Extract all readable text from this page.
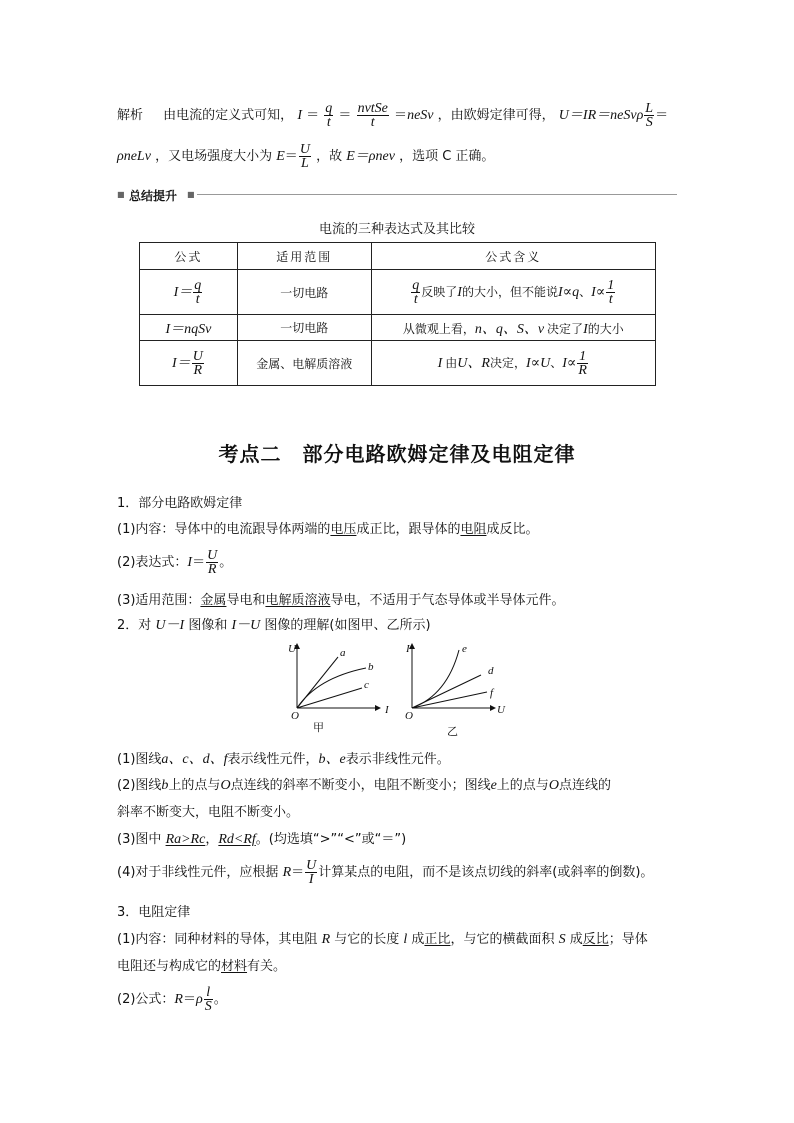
解析 由电流的定义式可知， $I = \frac{q}{t} = \frac{\text{nvtSe}}{t}$ ＝neSv ，由欧姆定律可得， U＝IR＝neSvρ $\frac{L}{S}$ ＝
ρneLv ，又电场强度大小为 $E= \frac{U}{L}$ ，故 E＝ρnev ，选项 C 正确。
■ 总结提升 ■
电流的三种表达式及其比较
公式	适用范围	公式含义
$I= \frac{q}{t}$	一切电路	$\frac{q}{t}$ 反映了I的大小，但不能说I∝q、$I\propto \frac{1}{t}$

I＝nqSv	一切电路	从微观上看，n、q、S、v 决定了I的大小
$I= \frac{U}{R}$	金属、电解质溶液	I 由U、R决定，I∝U、$I\propto \frac{1}{R}$
考点二　部分电路欧姆定律及电阻定律
1．部分电路欧姆定律
(1)内容：导体中的电流跟导体两端的电压成正比，跟导体的电阻成反比。
(2)表达式：$I= \frac{U}{R}$ 。
(3)适用范围：金属导电和电解质溶液导电，不适用于气态导体或半导体元件。
2．对 U－I 图像和 I－U 图像的理解(如图甲、乙所示)
U
I
O
a
b
c
甲
I
U
O
e
d
f
乙
(1)图线a、c、d、f表示线性元件，b、e表示非线性元件。
(2)图线b上的点与O点连线的斜率不断变小，电阻不断变小；图线e上的点与O点连线的
斜率不断变大，电阻不断变小。
(3)图中 Ra>Rc，Rd<Rf。(均选填“>”“<”或“＝”)
(4)对于非线性元件，应根据 $R= \frac{U}{I}$ 计算某点的电阻，而不是该点切线的斜率(或斜率的倒数)。
3．电阻定律
(1)内容：同种材料的导体，其电阻 R 与它的长度 l 成正比，与它的横截面积 S 成反比；导体
电阻还与构成它的材料有关。
(2)公式：$R=\rho \frac{l}{S}$ 。
